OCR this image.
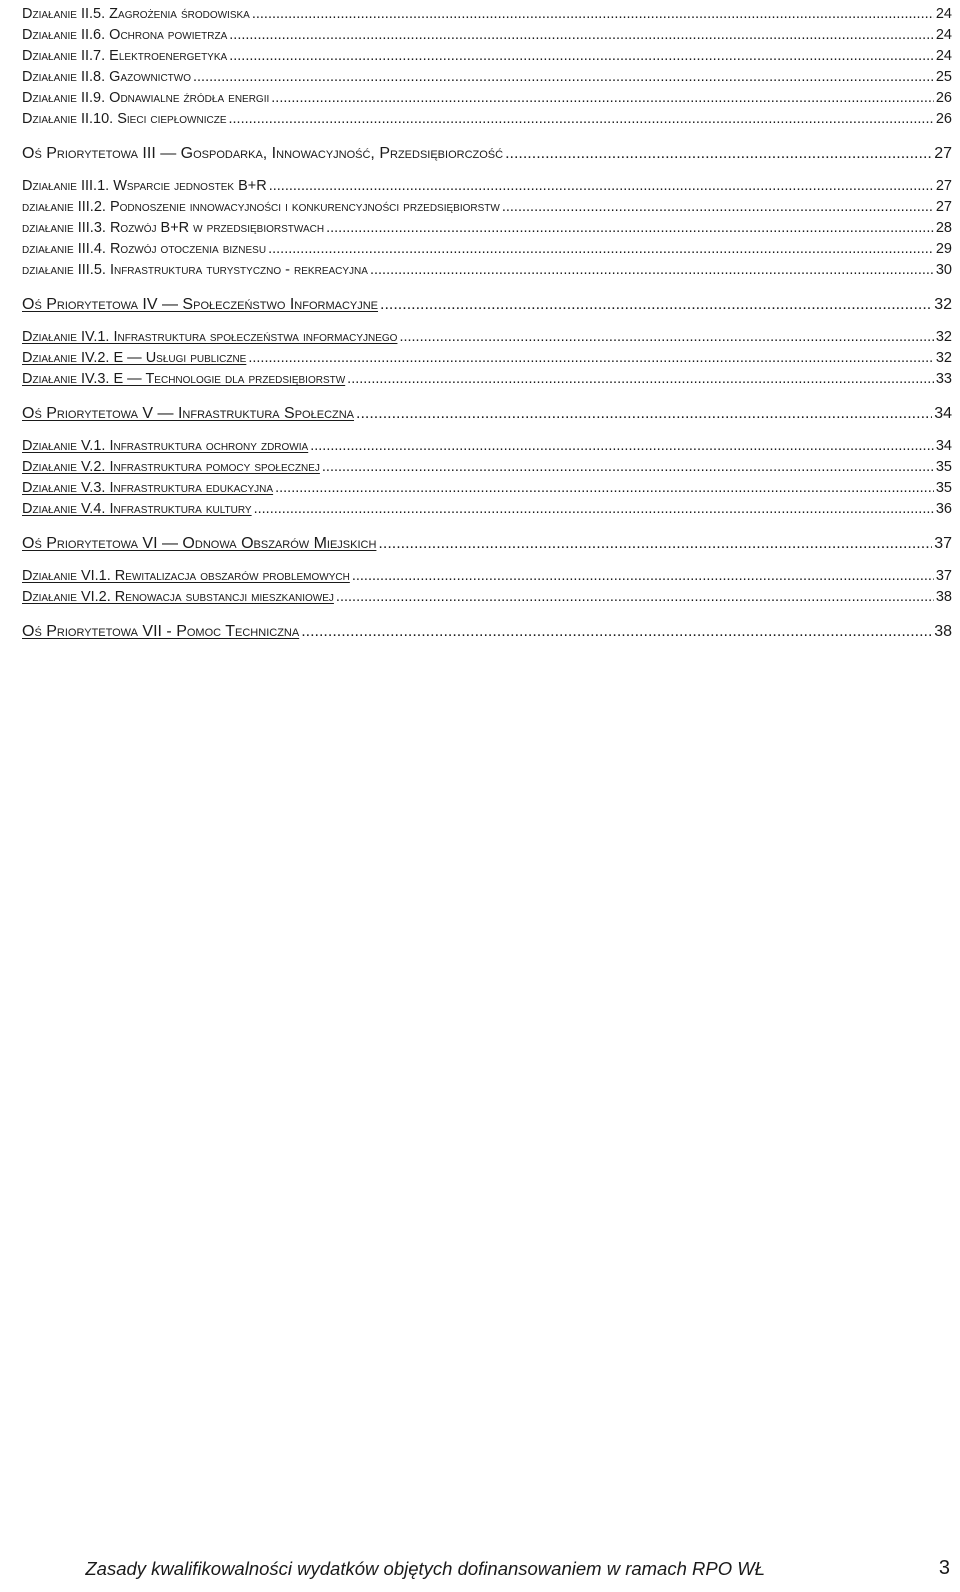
Działanie II.5. Zagrożenia środowiska .....	24
Działanie II.6. Ochrona powietrza .....	24
Działanie II.7. Elektroenergetyka .....	24
Działanie II.8. Gazownictwo .....	25
Działanie II.9. Odnawialne źródła energii .....	26
Działanie II.10. Sieci ciepłownicze .....	26
Oś Priorytetowa III — Gospodarka, Innowacyjność, Przedsiębiorczość .....	27
Działanie III.1. Wsparcie jednostek B+R .....	27
działanie III.2. Podnoszenie innowacyjności i konkurencyjności przedsiębiorstw .....	27
działanie III.3. Rozwój B+R w przedsiębiorstwach .....	28
działanie III.4. Rozwój otoczenia biznesu .....	29
działanie III.5. Infrastruktura turystyczno - rekreacyjna .....	30
Oś Priorytetowa IV — Społeczeństwo Informacyjne .....	32
Działanie IV.1. Infrastruktura społeczeństwa informacyjnego .....	32
Działanie IV.2. E — Usługi publiczne .....	32
Działanie IV.3. E — Technologie dla przedsiębiorstw .....	33
Oś Priorytetowa V — Infrastruktura Społeczna .....	34
Działanie V.1. Infrastruktura ochrony zdrowia .....	34
Działanie V.2. Infrastruktura pomocy społecznej .....	35
Działanie V.3. Infrastruktura edukacyjna .....	35
Działanie V.4. Infrastruktura kultury .....	36
Oś Priorytetowa VI — Odnowa Obszarów Miejskich .....	37
Działanie VI.1. Rewitalizacja obszarów problemowych .....	37
Działanie VI.2. Renowacja substancji mieszkaniowej .....	38
Oś Priorytetowa VII - Pomoc Techniczna .....	38
Zasady kwalifikowalności wydatków objętych dofinansowaniem w ramach RPO WŁ	3
